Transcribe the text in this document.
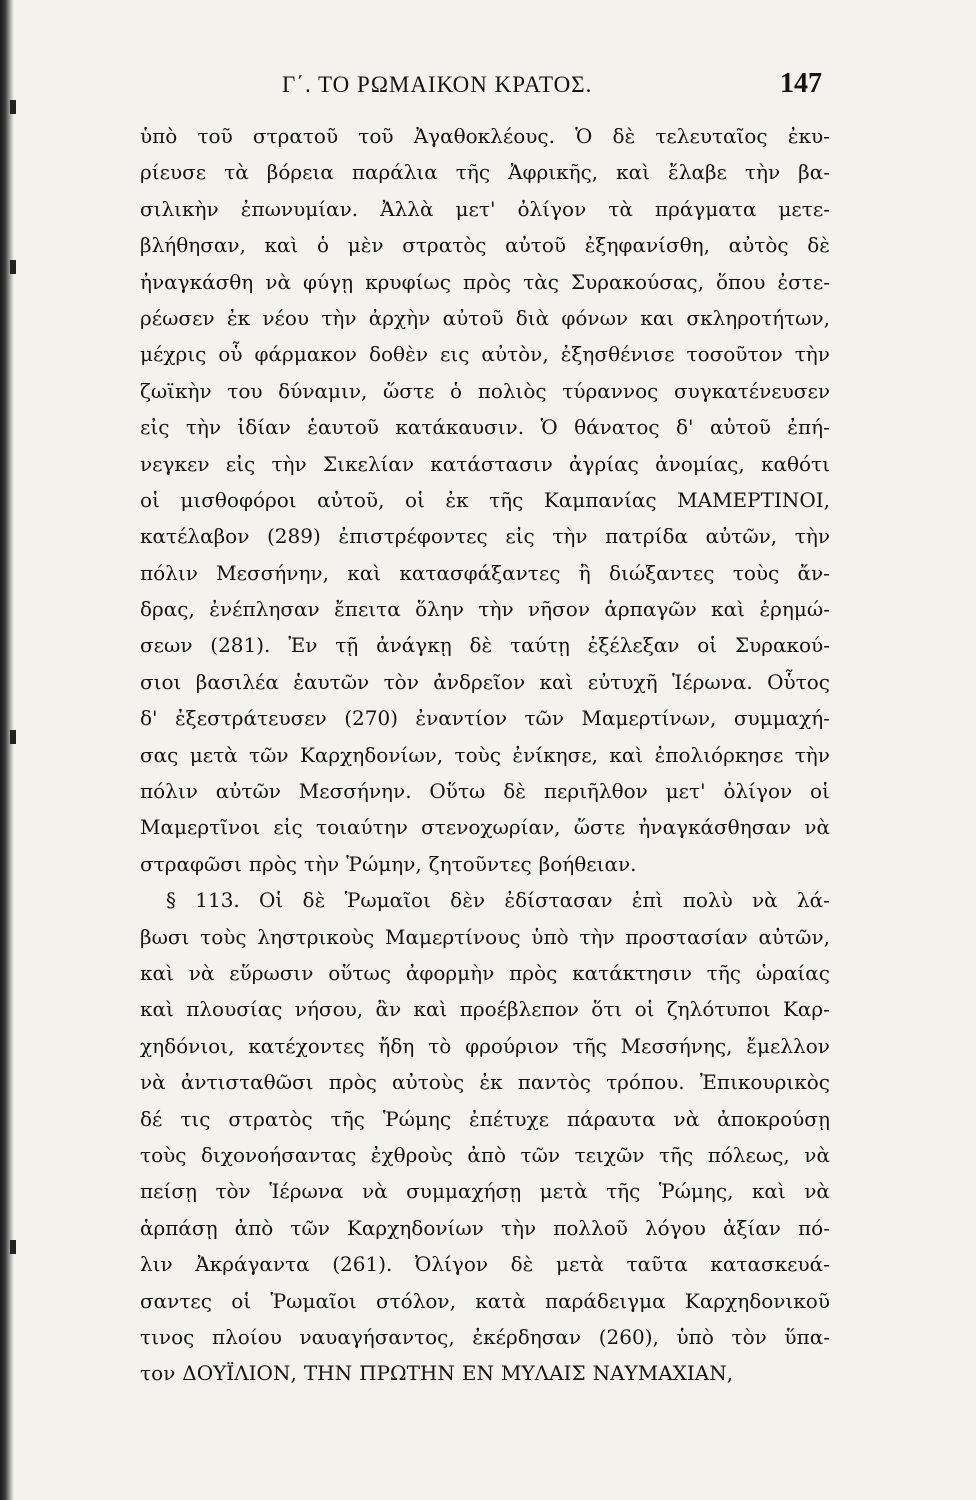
Γ΄. ΤΟ ΡΩΜΑΙΚΟΝ ΚΡΑΤΟΣ.	147
ὑπὸ τοῦ στρατοῦ τοῦ Ἀγαθοκλέους. Ὁ δὲ τελευταῖος ἐκυ-
ρίευσε τὰ βόρεια παράλια τῆς Ἀφρικῆς, καὶ ἔλαβε τὴν βα-
σιλικὴν ἐπωνυμίαν. Ἀλλὰ μετ' ὀλίγον τὰ πράγματα μετε-
βλήθησαν, καὶ ὁ μὲν στρατὸς αὐτοῦ ἐξηφανίσθη, αὐτὸς δὲ
ἠναγκάσθη νὰ φύγῃ κρυφίως πρὸς τὰς Συρακούσας, ὅπου ἐστε-
ρέωσεν ἐκ νέου τὴν ἀρχὴν αὐτοῦ διὰ φόνων και σκληροτήτων,
μέχρις οὗ φάρμακον δοθὲν εις αὐτὸν, ἐξησθένισε τοσοῦτον τὴν
ζωϊκὴν του δύναμιν, ὥστε ὁ πολιὸς τύραννος συγκατένευσεν
εἰς τὴν ἰδίαν ἑαυτοῦ κατάκαυσιν. Ὁ θάνατος δ' αὐτοῦ ἐπή-
νεγκεν εἰς τὴν Σικελίαν κατάστασιν ἀγρίας ἀνομίας, καθότι
οἱ μισθοφόροι αὐτοῦ, οἱ ἐκ τῆς Καμπανίας ΜΑΜΕΡΤΙΝΟΙ,
κατέλαβον (289) ἐπιστρέφοντες εἰς τὴν πατρίδα αὐτῶν, τὴν
πόλιν Μεσσήνην, καὶ κατασφάξαντες ἢ διώξαντες τοὺς ἄν-
δρας, ἐνέπλησαν ἔπειτα ὅλην τὴν νῆσον ἁρπαγῶν καὶ ἐρημώ-
σεων (281). Ἐν τῇ ἀνάγκῃ δὲ ταύτῃ ἐξέλεξαν οἱ Συρακού-
σιοι βασιλέα ἑαυτῶν τὸν ἀνδρεῖον καὶ εὐτυχῆ Ἱέρωνα. Οὗτος
δ' ἐξεστράτευσεν (270) ἐναντίον τῶν Μαμερτίνων, συμμαχή-
σας μετὰ τῶν Καρχηδονίων, τοὺς ἐνίκησε, καὶ ἐπολιόρκησε τὴν
πόλιν αὐτῶν Μεσσήνην. Οὕτω δὲ περιῆλθον μετ' ὀλίγον οἱ
Μαμερτῖνοι εἰς τοιαύτην στενοχωρίαν, ὥστε ἠναγκάσθησαν νὰ
στραφῶσι πρὸς τὴν Ῥώμην, ζητοῦντες βοήθειαν.
§ 113. Οἱ δὲ Ῥωμαῖοι δὲν ἐδίστασαν ἐπὶ πολὺ νὰ λά-
βωσι τοὺς ληστρικοὺς Μαμερτίνους ὑπὸ τὴν προστασίαν αὐτῶν,
καὶ νὰ εὕρωσιν οὕτως ἀφορμὴν πρὸς κατάκτησιν τῆς ὡραίας
καὶ πλουσίας νήσου, ἂν καὶ προέβλεπον ὅτι οἱ ζηλότυποι Καρ-
χηδόνιοι, κατέχοντες ἤδη τὸ φρούριον τῆς Μεσσήνης, ἔμελλον
νὰ ἀντισταθῶσι πρὸς αὐτοὺς ἐκ παντὸς τρόπου. Ἐπικουρικὸς
δέ τις στρατὸς τῆς Ῥώμης ἐπέτυχε πάραυτα νὰ ἀποκρούσῃ
τοὺς διχονοήσαντας ἐχθροὺς ἀπὸ τῶν τειχῶν τῆς πόλεως, νὰ
πείσῃ τὸν Ἱέρωνα νὰ συμμαχήσῃ μετὰ τῆς Ῥώμης, καὶ νὰ
ἁρπάσῃ ἀπὸ τῶν Καρχηδονίων τὴν πολλοῦ λόγου ἀξίαν πό-
λιν Ἀκράγαντα (261). Ὀλίγον δὲ μετὰ ταῦτα κατασκευά-
σαντες οἱ Ῥωμαῖοι στόλον, κατὰ παράδειγμα Καρχηδονικοῦ
τινος πλοίου ναυαγήσαντος, ἐκέρδησαν (260), ὑπὸ τὸν ὕπα-
τον ΔΟΥΪΛΙΟΝ, ΤΗΝ ΠΡΩΤΗΝ ΕΝ ΜΥΛΑΙΣ ΝΑΥΜΑΧΙΑΝ,
